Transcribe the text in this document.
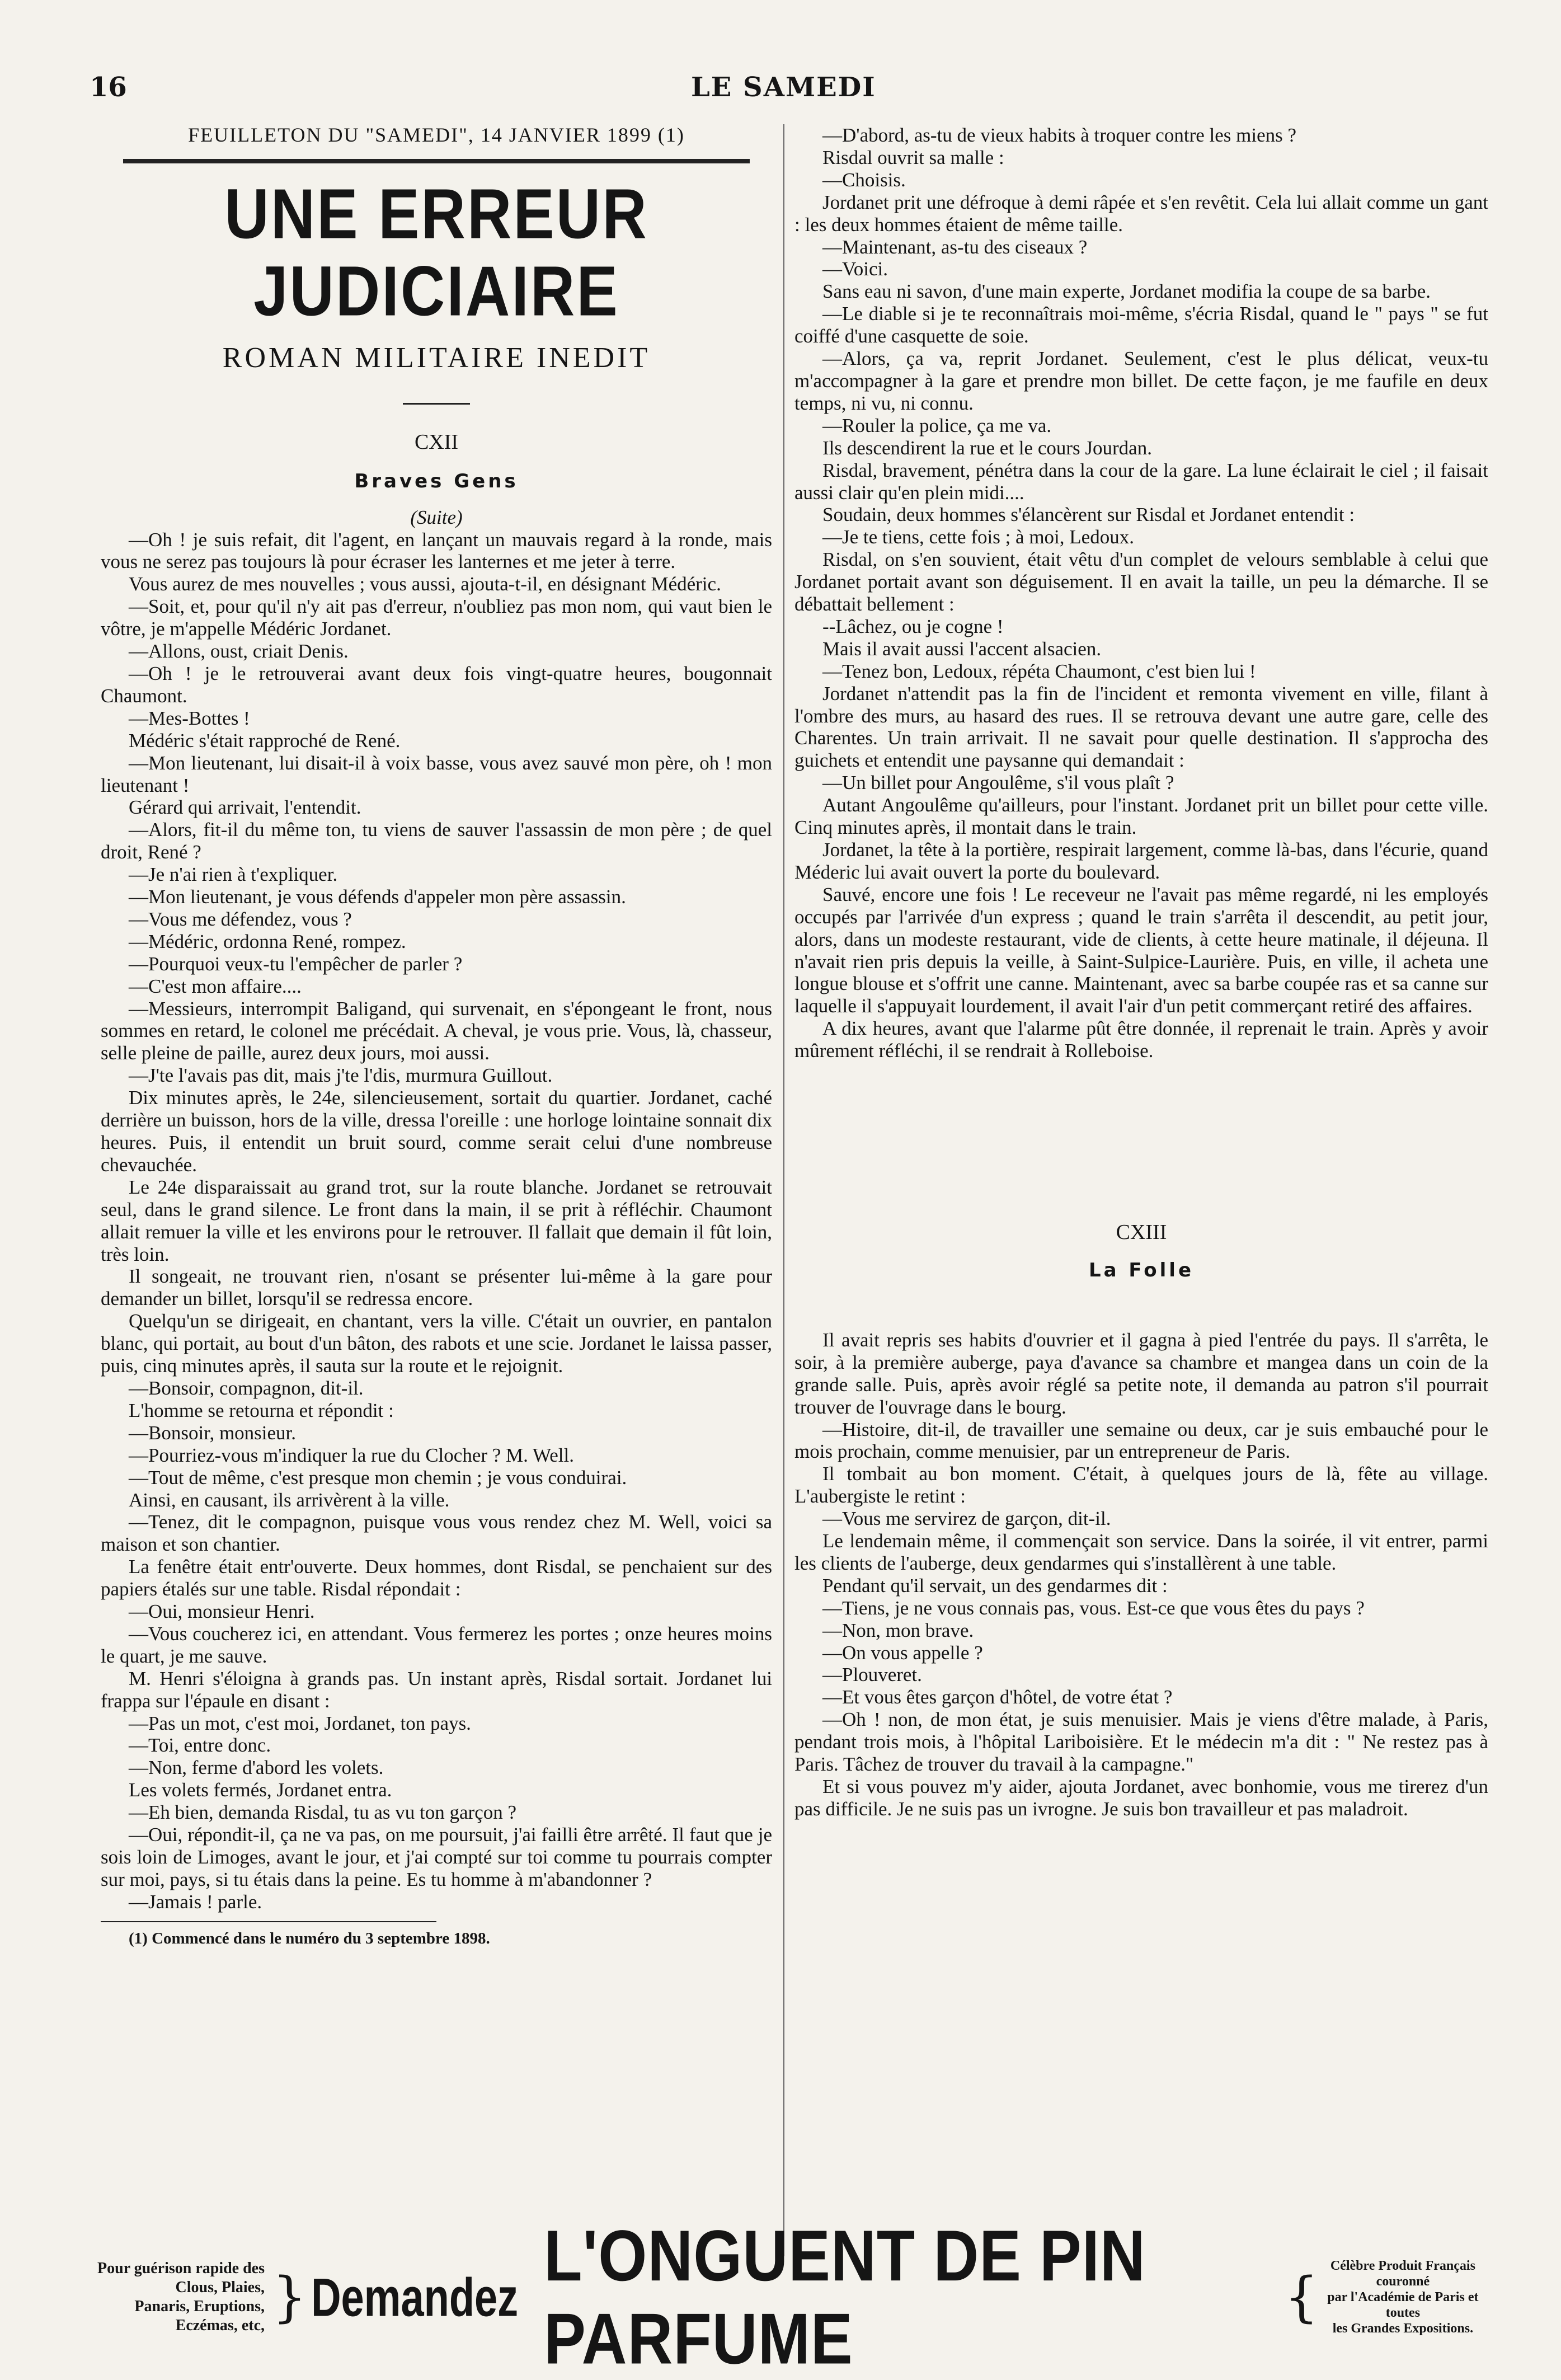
16	LE SAMEDI
FEUILLETON DU "SAMEDI", 14 JANVIER 1899 (1)
UNE ERREUR JUDICIAIRE
ROMAN MILITAIRE INEDIT
CXII
Braves Gens

(Suite)

—Oh ! je suis refait, dit l'agent, en lançant un mauvais regard à la ronde, mais vous ne serez pas toujours là pour écraser les lanternes et me jeter à terre.

Vous aurez de mes nouvelles ; vous aussi, ajouta-t-il, en désignant Médéric.

—Soit, et, pour qu'il n'y ait pas d'erreur, n'oubliez pas mon nom, qui vaut bien le vôtre, je m'appelle Médéric Jordanet.

—Allons, oust, criait Denis.

—Oh ! je le retrouverai avant deux fois vingt-quatre heures, bougonnait Chaumont.

—Mes-Bottes !

Médéric s'était rapproché de René.

—Mon lieutenant, lui disait-il à voix basse, vous avez sauvé mon père, oh ! mon lieutenant !

Gérard qui arrivait, l'entendit.

—Alors, fit-il du même ton, tu viens de sauver l'assassin de mon père ; de quel droit, René ?

—Je n'ai rien à t'expliquer.

—Mon lieutenant, je vous défends d'appeler mon père assassin.

—Vous me défendez, vous ?

—Médéric, ordonna René, rompez.

—Pourquoi veux-tu l'empêcher de parler ?

—C'est mon affaire....

—Messieurs, interrompit Baligand, qui survenait, en s'épongeant le front, nous sommes en retard, le colonel me précédait. A cheval, je vous prie. Vous, là, chasseur, selle pleine de paille, aurez deux jours, moi aussi.

—J'te l'avais pas dit, mais j'te l'dis, murmura Guillout.

Dix minutes après, le 24e, silencieusement, sortait du quartier. Jordanet, caché derrière un buisson, hors de la ville, dressa l'oreille : une horloge lointaine sonnait dix heures. Puis, il entendit un bruit sourd, comme serait celui d'une nombreuse chevauchée.

Le 24e disparaissait au grand trot, sur la route blanche. Jordanet se retrouvait seul, dans le grand silence. Le front dans la main, il se prit à réfléchir. Chaumont allait remuer la ville et les environs pour le retrouver. Il fallait que demain il fût loin, très loin.

Il songeait, ne trouvant rien, n'osant se présenter lui-même à la gare pour demander un billet, lorsqu'il se redressa encore.

Quelqu'un se dirigeait, en chantant, vers la ville. C'était un ouvrier, en pantalon blanc, qui portait, au bout d'un bâton, des rabots et une scie. Jordanet le laissa passer, puis, cinq minutes après, il sauta sur la route et le rejoignit.

—Bonsoir, compagnon, dit-il.

L'homme se retourna et répondit :

—Bonsoir, monsieur.

—Pourriez-vous m'indiquer la rue du Clocher ? M. Well.

—Tout de même, c'est presque mon chemin ; je vous conduirai.

Ainsi, en causant, ils arrivèrent à la ville.

—Tenez, dit le compagnon, puisque vous vous rendez chez M. Well, voici sa maison et son chantier.

La fenêtre était entr'ouverte. Deux hommes, dont Risdal, se penchaient sur des papiers étalés sur une table. Risdal répondait :

—Oui, monsieur Henri.

—Vous coucherez ici, en attendant. Vous fermerez les portes ; onze heures moins le quart, je me sauve.

M. Henri s'éloigna à grands pas. Un instant après, Risdal sortait. Jordanet lui frappa sur l'épaule en disant :

—Pas un mot, c'est moi, Jordanet, ton pays.

—Toi, entre donc.

—Non, ferme d'abord les volets.

Les volets fermés, Jordanet entra.

—Eh bien, demanda Risdal, tu as vu ton garçon ?

—Oui, répondit-il, ça ne va pas, on me poursuit, j'ai failli être arrêté. Il faut que je sois loin de Limoges, avant le jour, et j'ai compté sur toi comme tu pourrais compter sur moi, pays, si tu étais dans la peine. Es tu homme à m'abandonner ?

—Jamais ! parle.

(1) Commencé dans le numéro du 3 septembre 1898.

—D'abord, as-tu de vieux habits à troquer contre les miens ?

Risdal ouvrit sa malle :

—Choisis.

Jordanet prit une défroque à demi râpée et s'en revêtit. Cela lui allait comme un gant : les deux hommes étaient de même taille.

—Maintenant, as-tu des ciseaux ?

—Voici.

Sans eau ni savon, d'une main experte, Jordanet modifia la coupe de sa barbe.

—Le diable si je te reconnaîtrais moi-même, s'écria Risdal, quand le " pays " se fut coiffé d'une casquette de soie.

—Alors, ça va, reprit Jordanet. Seulement, c'est le plus délicat, veux-tu m'accompagner à la gare et prendre mon billet. De cette façon, je me faufile en deux temps, ni vu, ni connu.

—Rouler la police, ça me va.

Ils descendirent la rue et le cours Jourdan.

Risdal, bravement, pénétra dans la cour de la gare. La lune éclairait le ciel ; il faisait aussi clair qu'en plein midi....

Soudain, deux hommes s'élancèrent sur Risdal et Jordanet entendit :

—Je te tiens, cette fois ; à moi, Ledoux.

Risdal, on s'en souvient, était vêtu d'un complet de velours semblable à celui que Jordanet portait avant son déguisement. Il en avait la taille, un peu la démarche. Il se débattait bellement :

--Lâchez, ou je cogne !

Mais il avait aussi l'accent alsacien.

—Tenez bon, Ledoux, répéta Chaumont, c'est bien lui !

Jordanet n'attendit pas la fin de l'incident et remonta vivement en ville, filant à l'ombre des murs, au hasard des rues. Il se retrouva devant une autre gare, celle des Charentes. Un train arrivait. Il ne savait pour quelle destination. Il s'approcha des guichets et entendit une paysanne qui demandait :

—Un billet pour Angoulême, s'il vous plaît ?

Autant Angoulême qu'ailleurs, pour l'instant. Jordanet prit un billet pour cette ville. Cinq minutes après, il montait dans le train.

Jordanet, la tête à la portière, respirait largement, comme là-bas, dans l'écurie, quand Méderic lui avait ouvert la porte du boulevard.

Sauvé, encore une fois ! Le receveur ne l'avait pas même regardé, ni les employés occupés par l'arrivée d'un express ; quand le train s'arrêta il descendit, au petit jour, alors, dans un modeste restaurant, vide de clients, à cette heure matinale, il déjeuna. Il n'avait rien pris depuis la veille, à Saint-Sulpice-Laurière. Puis, en ville, il acheta une longue blouse et s'offrit une canne. Maintenant, avec sa barbe coupée ras et sa canne sur laquelle il s'appuyait lourdement, il avait l'air d'un petit commerçant retiré des affaires.

A dix heures, avant que l'alarme pût être donnée, il reprenait le train. Après y avoir mûrement réfléchi, il se rendrait à Rolleboise.

CXIII
La Folle

Il avait repris ses habits d'ouvrier et il gagna à pied l'entrée du pays. Il s'arrêta, le soir, à la première auberge, paya d'avance sa chambre et mangea dans un coin de la grande salle. Puis, après avoir réglé sa petite note, il demanda au patron s'il pourrait trouver de l'ouvrage dans le bourg.

—Histoire, dit-il, de travailler une semaine ou deux, car je suis embauché pour le mois prochain, comme menuisier, par un entrepreneur de Paris.

Il tombait au bon moment. C'était, à quelques jours de là, fête au village. L'aubergiste le retint :

—Vous me servirez de garçon, dit-il.

Le lendemain même, il commençait son service. Dans la soirée, il vit entrer, parmi les clients de l'auberge, deux gendarmes qui s'installèrent à une table.

Pendant qu'il servait, un des gendarmes dit :

—Tiens, je ne vous connais pas, vous. Est-ce que vous êtes du pays ?

—Non, mon brave.

—On vous appelle ?

—Plouveret.

—Et vous êtes garçon d'hôtel, de votre état ?

—Oh ! non, de mon état, je suis menuisier. Mais je viens d'être malade, à Paris, pendant trois mois, à l'hôpital Lariboisière. Et le médecin m'a dit : " Ne restez pas à Paris. Tâchez de trouver du travail à la campagne."

Et si vous pouvez m'y aider, ajouta Jordanet, avec bonhomie, vous me tirerez d'un pas difficile. Je ne suis pas un ivrogne. Je suis bon travailleur et pas maladroit.

Pour guérison rapide des Clous, Plaies,
Panaris, Eruptions, Eczémas, etc, } Demandez
L'ONGUENT DE PIN PARFUME
{ Célèbre Produit Français couronné
par l'Académie de Paris et toutes
les Grandes Expositions.
